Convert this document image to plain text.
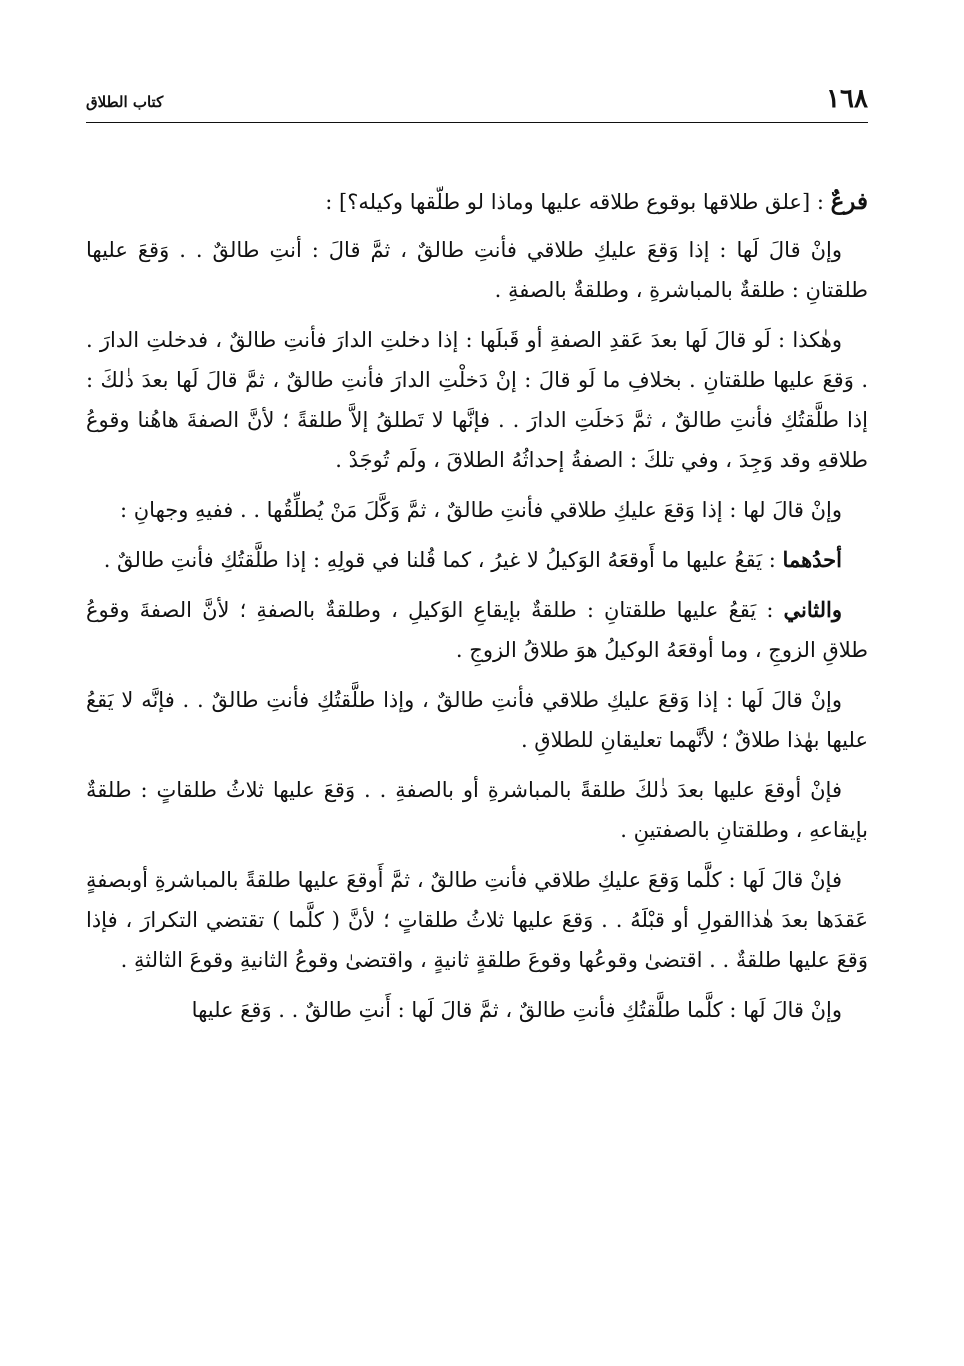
١٦٨
كتاب الطلاق

فرعٌ : [علق طلاقها بوقوع طلاقه عليها وماذا لو طلّقها وكيله؟] :

وإنْ قالَ لَها : إذا وَقعَ عليكِ طلاقي فأنتِ طالقٌ ، ثمَّ قالَ : أنتِ طالقٌ . . وَقعَ عليها طلقتانِ : طلقةٌ بالمباشرةِ ، وطلقةٌ بالصفةِ .

وهٰكذا : لَو قالَ لَها بعدَ عَقدِ الصفةِ أو قَبلَها : إذا دخلتِ الدارَ فأنتِ طالقٌ ، فدخلتِ الدارَ . . وَقعَ عليها طلقتانِ . بخلافِ ما لَو قالَ : إنْ دَخلْتِ الدارَ فأنتِ طالقٌ ، ثمَّ قالَ لَها بعدَ ذٰلكَ : إذا طلَّقتُكِ فأنتِ طالقٌ ، ثمَّ دَخلَتِ الدارَ . . فإنَّها لا تَطلقُ إلاَّ طلقةً ؛ لأنَّ الصفةَ هاهُنا وقوعُ طلاقهِ وقد وَجِدَ ، وفي تلكَ : الصفةُ إحداثُهُ الطلاقَ ، ولَم تُوجَدْ .

وإنْ قالَ لها : إذا وَقعَ عليكِ طلاقي فأنتِ طالقٌ ، ثمَّ وَكَّلَ مَنْ يُطلِّقُها . . ففيهِ وجهانِ :

أحدُهما : يَقعُ عليها ما أَوقعَهُ الوَكيلُ لا غيرُ ، كما قُلنا في قولِهِ : إذا طلَّقتُكِ فأنتِ طالقٌ .

والثاني : يَقعُ عليها طلقتانِ : طلقةٌ بإيقاعِ الوَكيلِ ، وطلقةٌ بالصفةِ ؛ لأنَّ الصفةَ وقوعُ طلاقِ الزوجِ ، وما أوقعَهُ الوكيلُ هوَ طلاقُ الزوجِ .

وإنْ قالَ لَها : إذا وَقعَ عليكِ طلاقي فأنتِ طالقٌ ، وإذا طلَّقتُكِ فأنتِ طالقٌ . . فإنَّه لا يَقعُ عليها بهٰذا طلاقٌ ؛ لأنَّهما تعليقانِ للطلاقِ .

فإنْ أوقعَ عليها بعدَ ذٰلكَ طلقةً بالمباشرةِ أو بالصفةِ . . وَقعَ عليها ثلاثُ طلقاتٍ : طلقةٌ بإيقاعهِ ، وطلقتانِ بالصفتينِ .

فإنْ قالَ لَها : كلَّما وَقعَ عليكِ طلاقي فأنتِ طالقٌ ، ثمَّ أَوقعَ عليها طلقةً بالمباشرةِ أوبصفةٍ عَقدَها بعدَ هٰذاالقولِ أو قبْلَهُ . . وَقعَ عليها ثلاثُ طلقاتٍ ؛ لأنَّ ( كلَّما ) تقتضي التكرارَ ، فإذا وَقعَ عليها طلقةٌ . . اقتضىٰ وقوعُها وقوعَ طلقةٍ ثانيةٍ ، واقتضىٰ وقوعُ الثانيةِ وقوعَ الثالثةِ .

وإنْ قالَ لَها : كلَّما طلَّقتُكِ فأنتِ طالقٌ ، ثمَّ قالَ لَها : أَنتِ طالقٌ . . وَقعَ عليها
